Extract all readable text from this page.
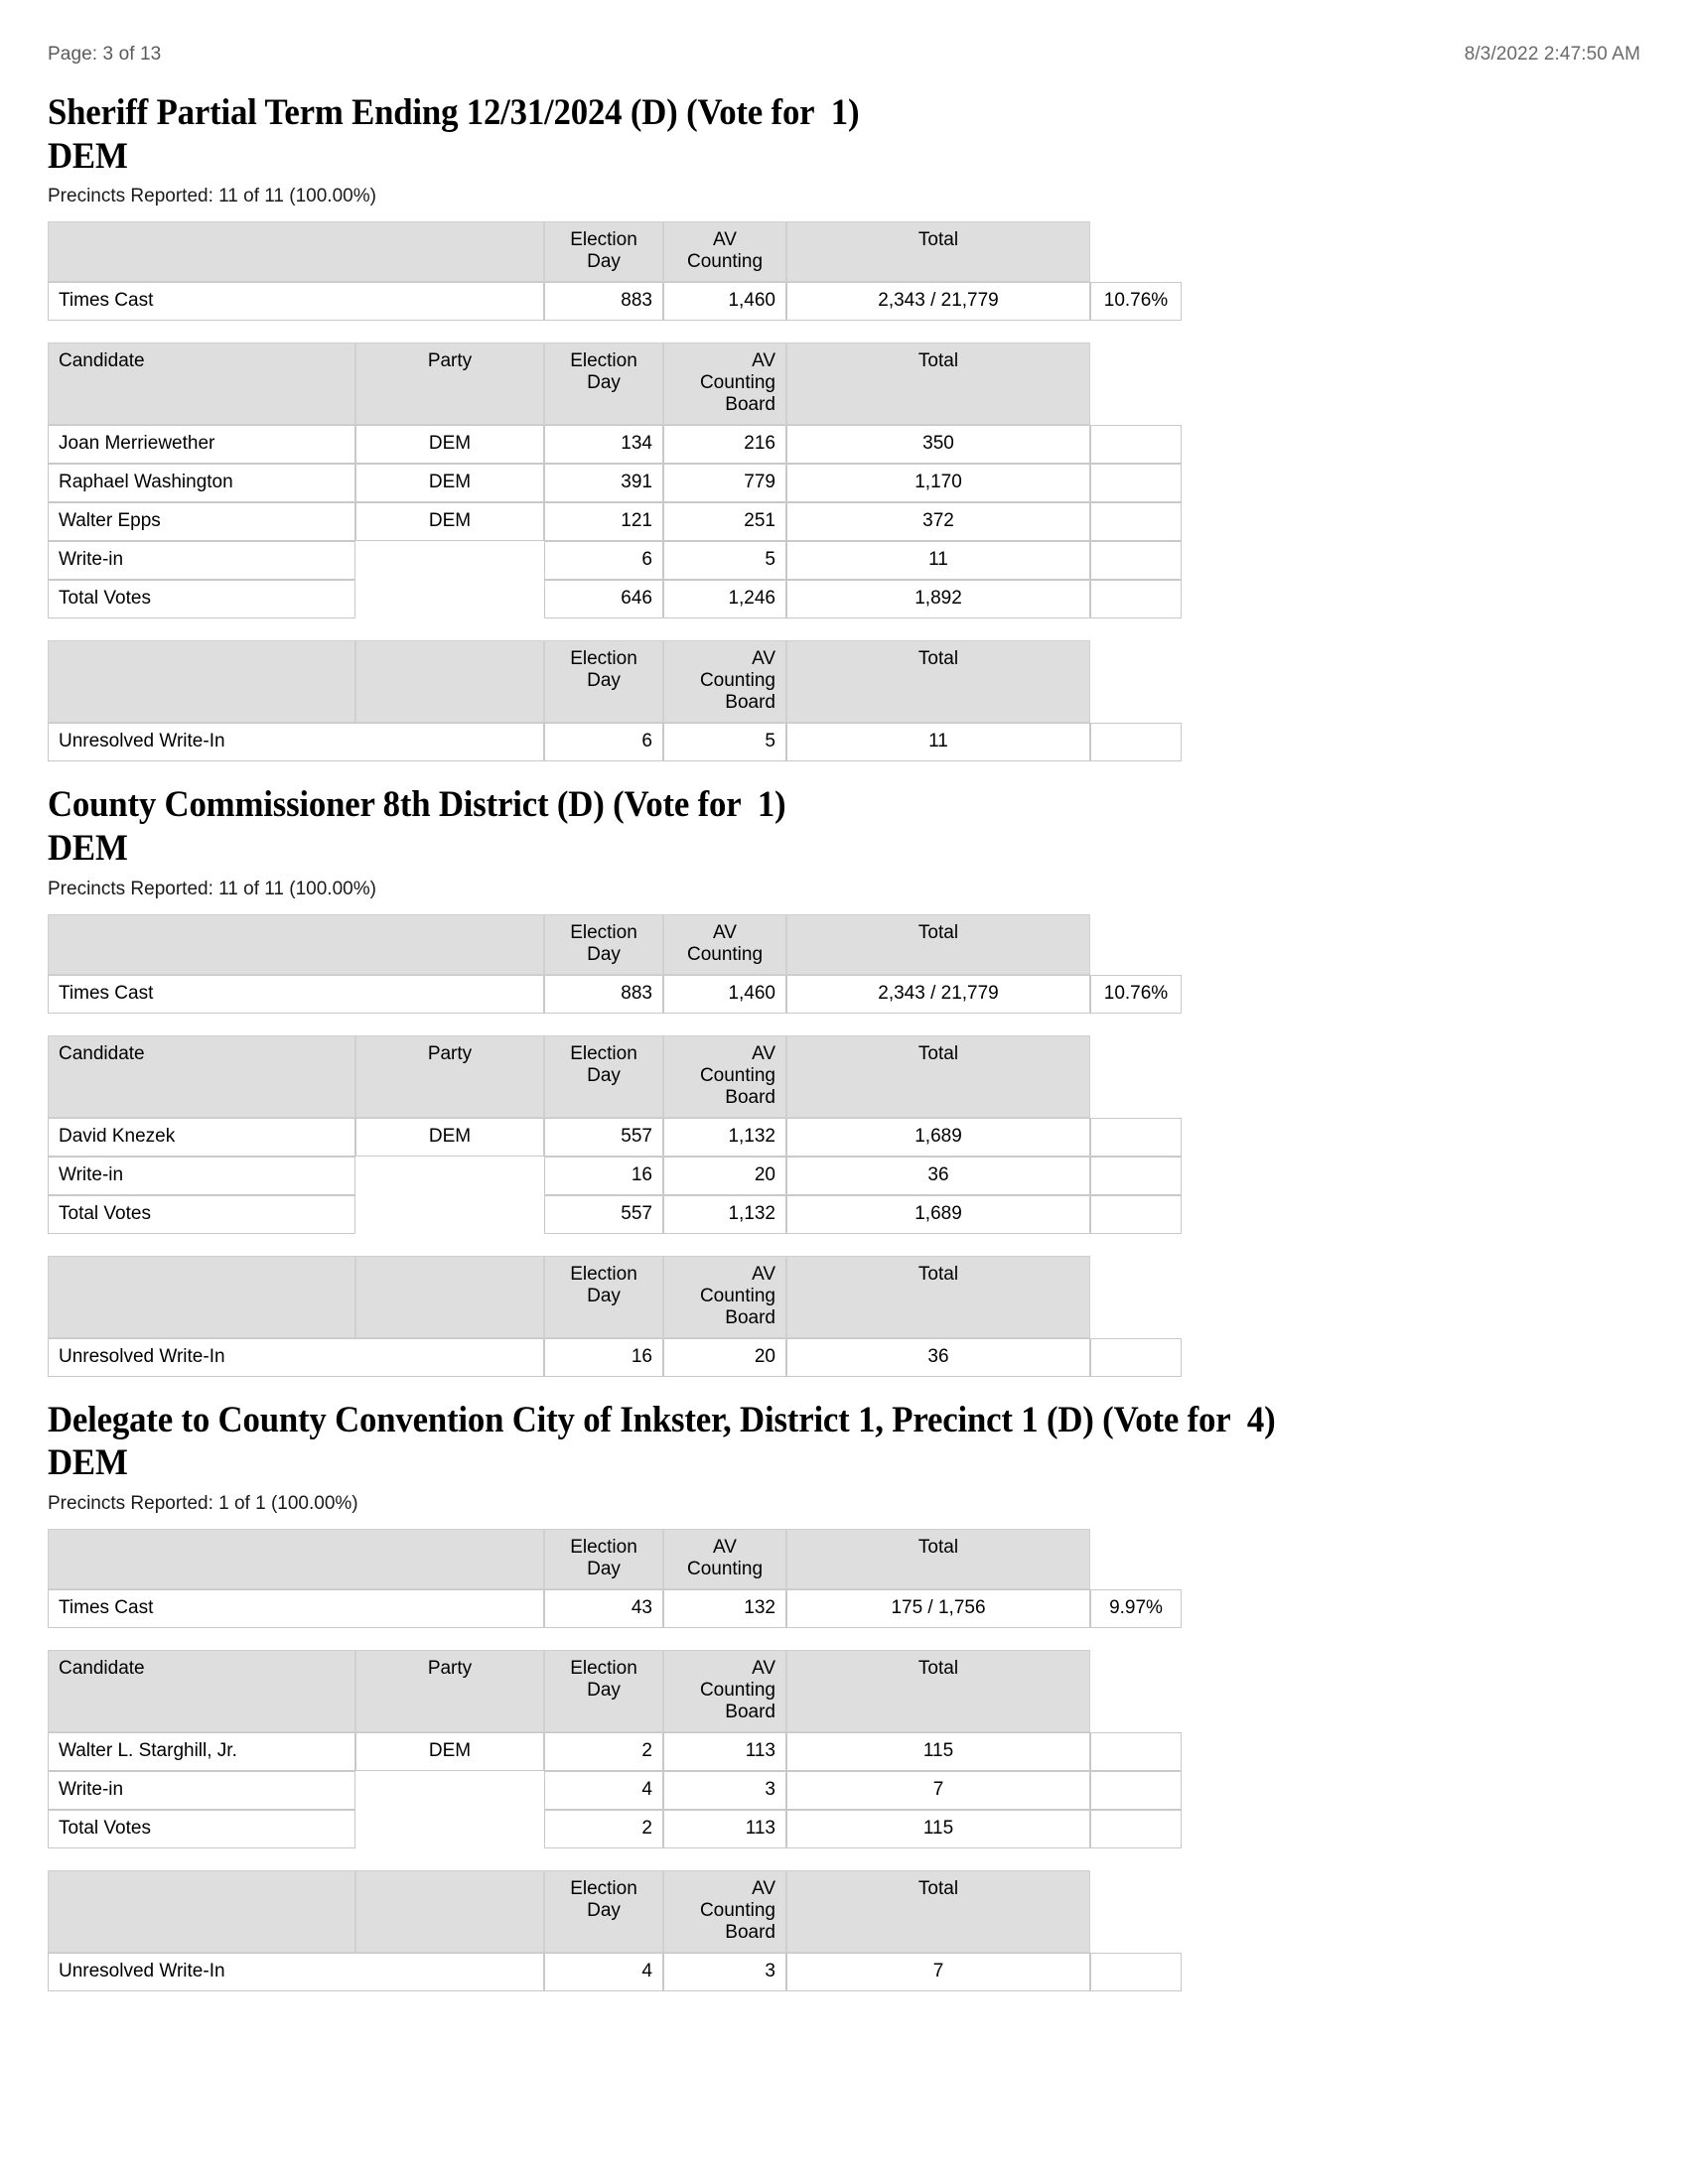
Page: 3 of 13	8/3/2022 2:47:50 AM
Sheriff Partial Term Ending 12/31/2024 (D) (Vote for  1)
DEM
Precincts Reported: 11 of 11 (100.00%)
	Election Day	AV Counting	Total	
Times Cast	883	1,460	2,343 / 21,779	10.76%
Candidate	Party	Election Day	AV Counting Board	Total	
Joan Merriewether	DEM	134	216	350	
Raphael Washington	DEM	391	779	1,170	
Walter Epps	DEM	121	251	372	
Write-in		6	5	11	
Total Votes		646	1,246	1,892	
		Election Day	AV Counting Board	Total	
Unresolved Write-In		6	5	11	
County Commissioner 8th District (D) (Vote for  1)
DEM
Precincts Reported: 11 of 11 (100.00%)
	Election Day	AV Counting	Total	
Times Cast	883	1,460	2,343 / 21,779	10.76%
Candidate	Party	Election Day	AV Counting Board	Total	
David Knezek	DEM	557	1,132	1,689	
Write-in		16	20	36	
Total Votes		557	1,132	1,689	
		Election Day	AV Counting Board	Total	
Unresolved Write-In		16	20	36	
Delegate to County Convention City of Inkster, District 1, Precinct 1 (D) (Vote for  4)
DEM
Precincts Reported: 1 of 1 (100.00%)
	Election Day	AV Counting	Total	
Times Cast	43	132	175 / 1,756	9.97%
Candidate	Party	Election Day	AV Counting Board	Total	
Walter L. Starghill, Jr.	DEM	2	113	115	
Write-in		4	3	7	
Total Votes		2	113	115	
		Election Day	AV Counting Board	Total	
Unresolved Write-In		4	3	7	
